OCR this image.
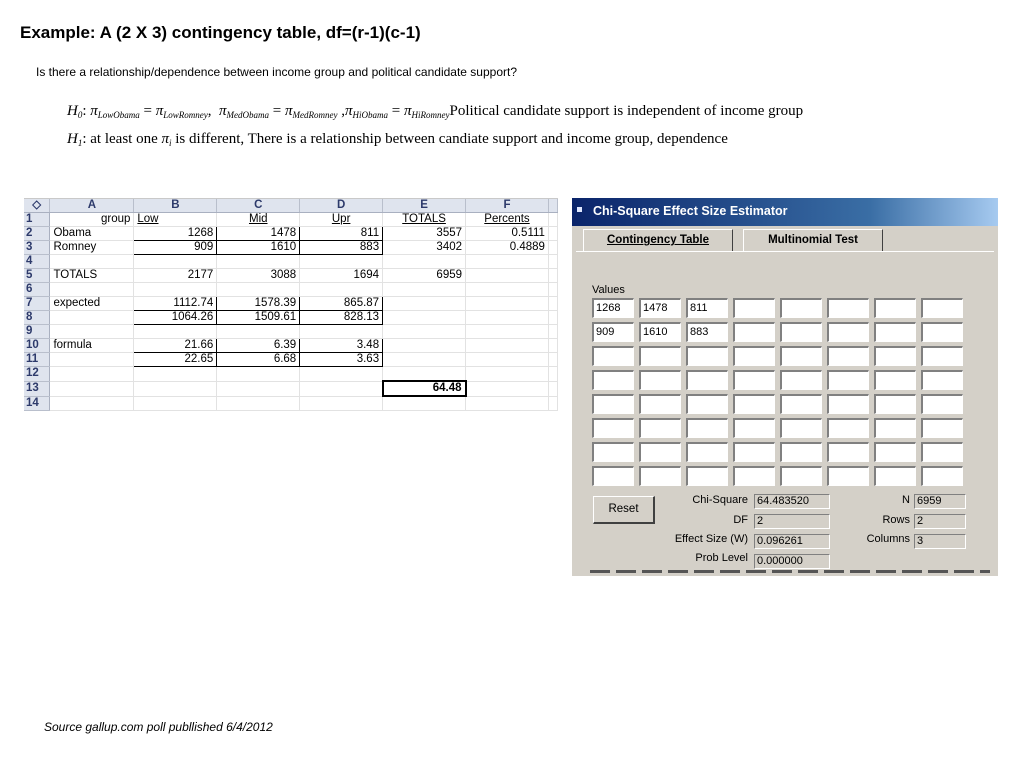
Example: A (2 X 3) contingency table, df=(r-1)(c-1)
Is there a relationship/dependence between income group and political candidate support?
$H_0$: $\pi_{LowObama} = \pi_{LowRomney}$,  $\pi_{MedObama} = \pi_{MedRomney}$ $,\pi_{HiObama}$ = $\pi_{HiRomney}Political$ candidate support is independent of income group
$H_1$: at least one $\pi_i$ is different, There is a relationship between candiate support and income group, dependence
◇	A	B	C	D	E	F	
1	group	Low	Mid	Upr	TOTALS	Percents	
2	Obama	1268	1478	811	3557	0.5111	
3	Romney	909	1610	883	3402	0.4889	
4							
5	TOTALS	2177	3088	1694	6959		
6							
7	expected	1112.74	1578.39	865.87			
8		1064.26	1509.61	828.13			
9							
10	formula	21.66	6.39	3.48			
11		22.65	6.68	3.63			
12							
13					64.48		
14							
Chi-Square Effect Size Estimator
Contingency Table	Multinomial Test
Values
1268	1478	811
909	1610	883
Reset
Chi-Square 64.483520
DF 2
Effect Size (W) 0.096261
Prob Level 0.000000
N 6959
Rows 2
Columns 3
Source gallup.com poll publlished 6/4/2012
